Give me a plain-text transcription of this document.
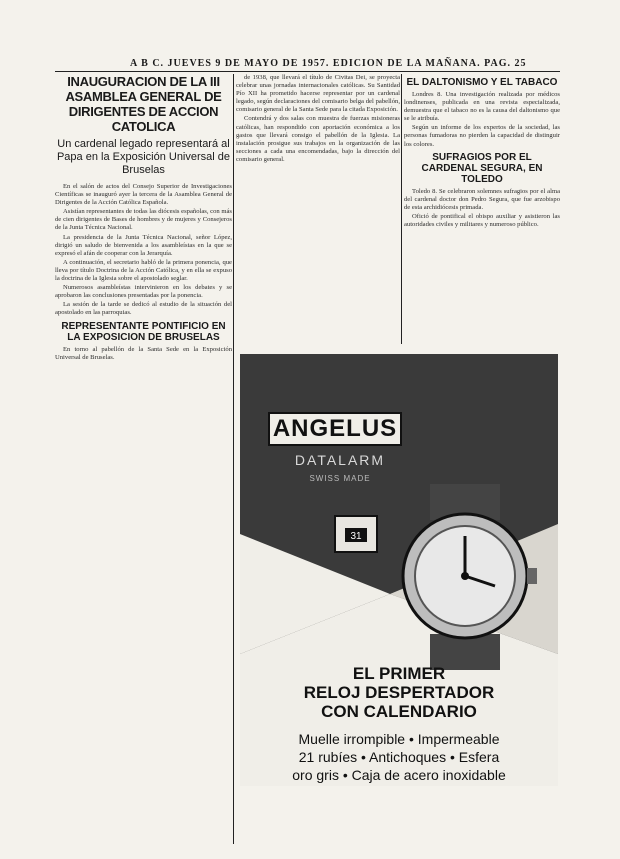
A B C. JUEVES 9 DE MAYO DE 1957. EDICION DE LA MAÑANA. PAG. 25
INAUGURACION DE LA III ASAMBLEA GENERAL DE DIRIGENTES DE ACCION CATOLICA
Un cardenal legado representará al Papa en la Exposición Universal de Bruselas

En el salón de actos del Consejo Superior de Investigaciones Científicas se inauguró ayer la tercera de la Asamblea General de Dirigentes de la Acción Católica Española.

Asistían representantes de todas las diócesis españolas, con más de cien dirigentes de Bases de hombres y de mujeres y Consejeros de la Junta Técnica Nacional.

La presidencia de la Junta Técnica Nacional, señor López, dirigió un saludo de bienvenida a los asambleístas en la que se expresó el afán de cooperar con la Jerarquía.

A continuación, el secretario habló de la primera ponencia, que lleva por título Doctrina de la Acción Católica, y en ella se expuso la doctrina de la Iglesia sobre el apostolado seglar.

Numerosos asambleístas intervinieron en los debates y se aprobaron las conclusiones presentadas por la ponencia.

La sesión de la tarde se dedicó al estudio de la situación del apostolado en las parroquias.

REPRESENTANTE PONTIFICIO EN LA EXPOSICION DE BRUSELAS

En torno al pabellón de la Santa Sede en la Exposición Universal de Bruselas.

de 1938, que llevará el título de Civitas Dei, se proyecta celebrar unas jornadas internacionales católicas. Su Santidad Pío XII ha prometido hacerse representar por un cardenal legado, según declaraciones del comisario belga del pabellón, comisario general de la Santa Sede para la citada Exposición.

Contendrá y dos salas con muestra de fuerzas misioneras católicas, han respondido con aportación económica a los gastos que llevará consigo el pabellón de la Iglesia. La instalación prosigue sus trabajos en la organización de las secciones a cada una encomendadas, bajo la dirección del comisario general.

EL DALTONISMO Y EL TABACO

Londres 8. Una investigación realizada por médicos londinenses, publicada en una revista especializada, demuestra que el tabaco no es la causa del daltonismo que se le atribuía.

Según un informe de los expertos de la sociedad, las personas fumadoras no pierden la capacidad de distinguir los colores.

SUFRAGIOS POR EL CARDENAL SEGURA, EN TOLEDO

Toledo 8. Se celebraron solemnes sufragios por el alma del cardenal doctor don Pedro Segura, que fue arzobispo de esta archidiócesis primada.

Ofició de pontifical el obispo auxiliar y asistieron las autoridades civiles y militares y numeroso público.

31
ANGELUS
DATALARM
SWISS MADE
EL PRIMER
RELOJ DESPERTADOR
CON CALENDARIO
Muelle irrompible • Impermeable
21 rubíes • Antichoques • Esfera
oro gris • Caja de acero inoxidable
